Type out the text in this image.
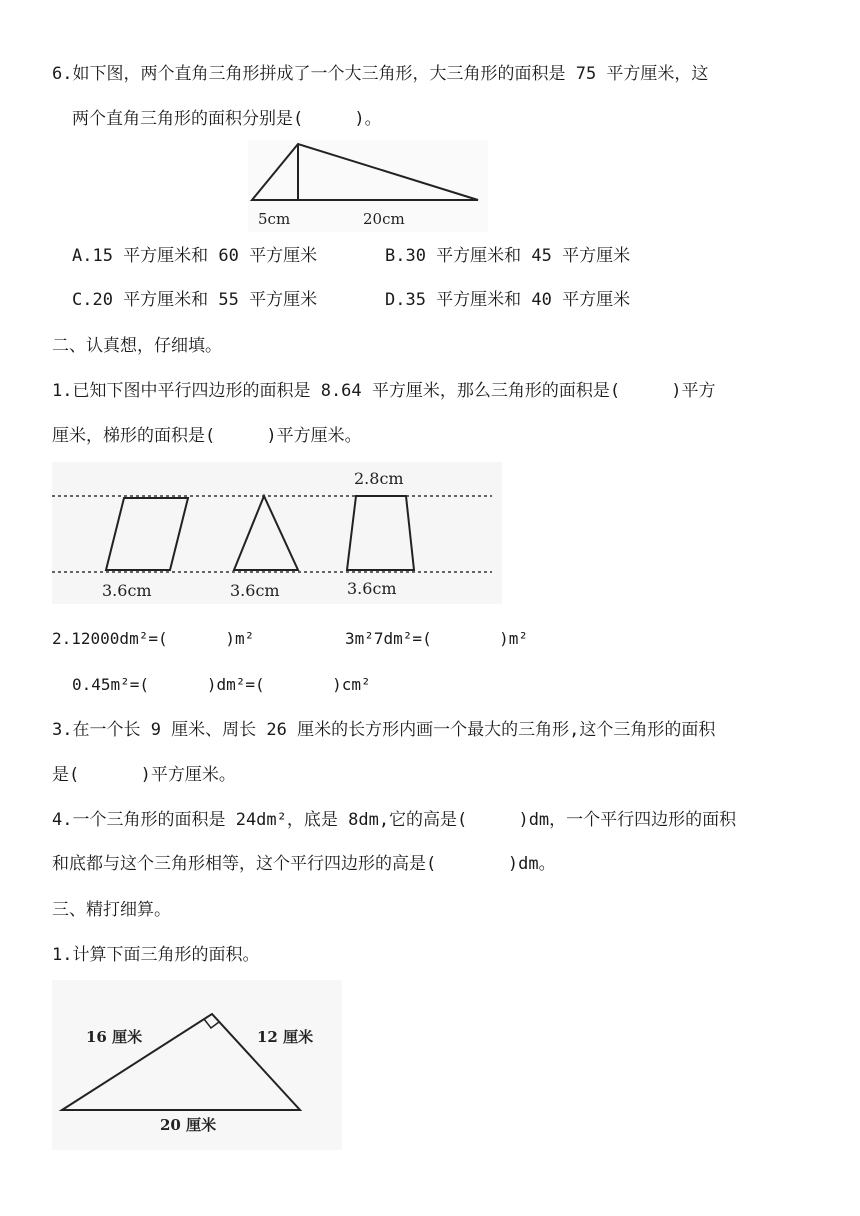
6.如下图，两个直角三角形拼成了一个大三角形，大三角形的面积是 75 平方厘米，这
两个直角三角形的面积分别是(     )。
5cm	20cm
A.15 平方厘米和 60 平方厘米	B.30 平方厘米和 45 平方厘米
C.20 平方厘米和 55 平方厘米	D.35 平方厘米和 40 平方厘米
二、认真想，仔细填。
1.已知下图中平行四边形的面积是 8.64 平方厘米，那么三角形的面积是(     )平方
厘米，梯形的面积是(     )平方厘米。
2.8cm
3.6cm	3.6cm	3.6cm
2.12000dm²=(      )m²	3m²7dm²=(       )m²
0.45m²=(      )dm²=(       )cm²
3.在一个长 9 厘米、周长 26 厘米的长方形内画一个最大的三角形,这个三角形的面积
是(      )平方厘米。
4.一个三角形的面积是 24dm²，底是 8dm,它的高是(     )dm，一个平行四边形的面积
和底都与这个三角形相等，这个平行四边形的高是(       )dm。
三、精打细算。
1.计算下面三角形的面积。
16 厘米	12 厘米
20 厘米
